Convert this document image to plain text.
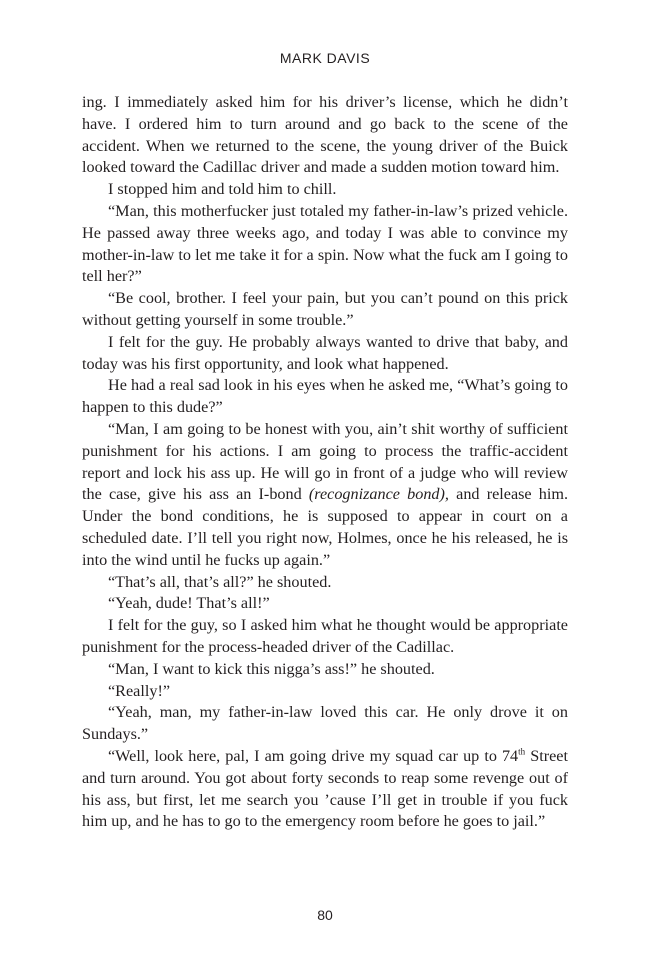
MARK DAVIS

ing. I immediately asked him for his driver’s license, which he didn’t have. I ordered him to turn around and go back to the scene of the accident. When we returned to the scene, the young driver of the Buick looked toward the Cadillac driver and made a sudden motion toward him.

I stopped him and told him to chill.

“Man, this motherfucker just totaled my father-in-law’s prized vehicle. He passed away three weeks ago, and today I was able to convince my mother-in-law to let me take it for a spin. Now what the fuck am I going to tell her?”

“Be cool, brother. I feel your pain, but you can’t pound on this prick without getting yourself in some trouble.”

I felt for the guy. He probably always wanted to drive that baby, and today was his first opportunity, and look what happened.

He had a real sad look in his eyes when he asked me, “What’s going to happen to this dude?”

“Man, I am going to be honest with you, ain’t shit worthy of sufficient punishment for his actions. I am going to process the traffic-accident report and lock his ass up. He will go in front of a judge who will review the case, give his ass an I-bond (recognizance bond), and release him. Under the bond conditions, he is supposed to appear in court on a scheduled date. I’ll tell you right now, Holmes, once he his released, he is into the wind until he fucks up again.”

“That’s all, that’s all?” he shouted.

“Yeah, dude! That’s all!”

I felt for the guy, so I asked him what he thought would be appropriate punishment for the process-headed driver of the Cadillac.

“Man, I want to kick this nigga’s ass!” he shouted.

“Really!”

“Yeah, man, my father-in-law loved this car. He only drove it on Sundays.”

“Well, look here, pal, I am going drive my squad car up to 74th Street and turn around. You got about forty seconds to reap some revenge out of his ass, but first, let me search you ’cause I’ll get in trouble if you fuck him up, and he has to go to the emergency room before he goes to jail.”

80
